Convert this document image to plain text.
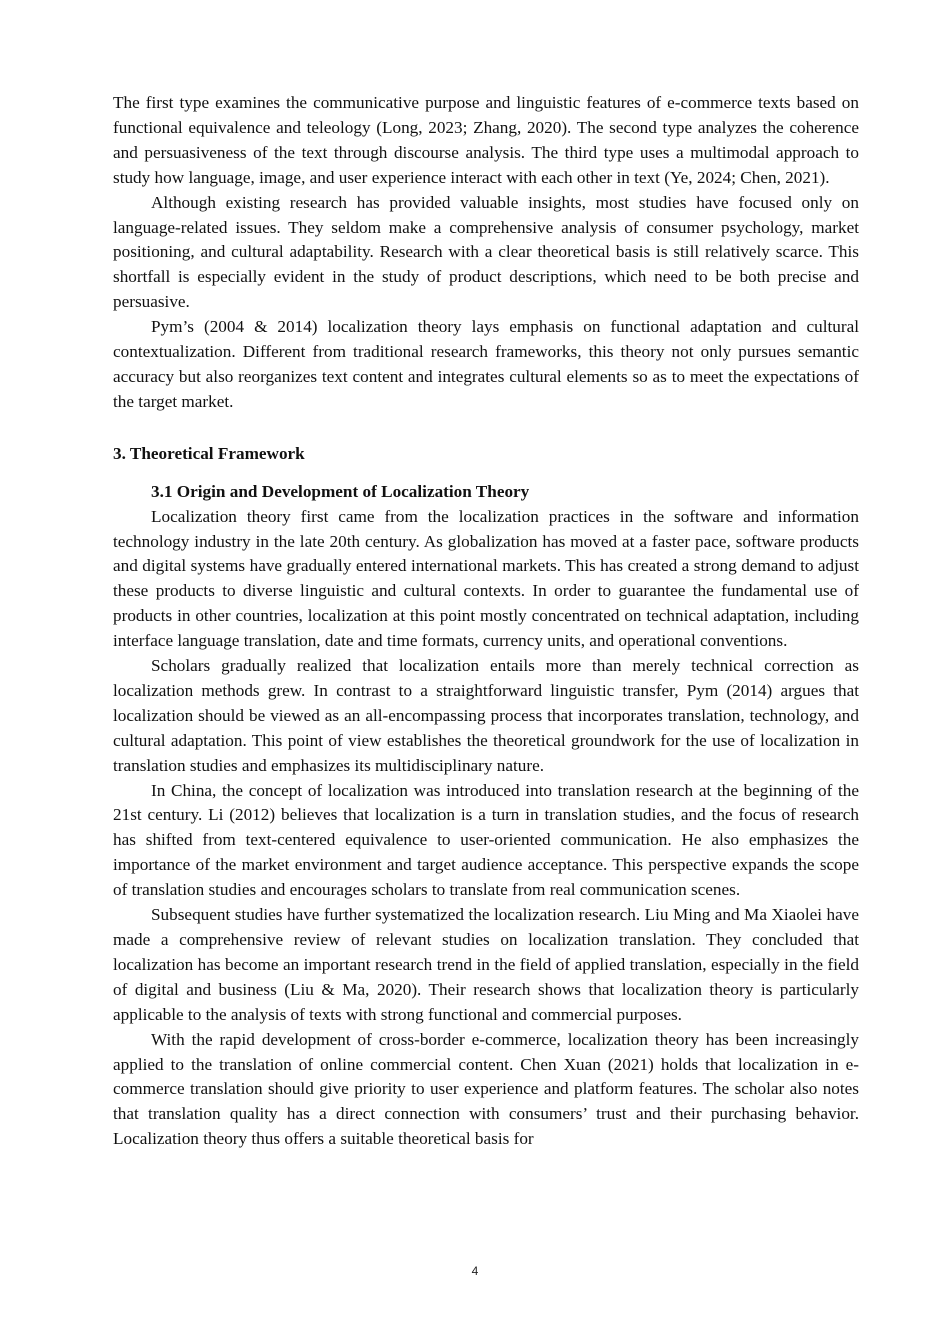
The first type examines the communicative purpose and linguistic features of e-commerce texts based on functional equivalence and teleology (Long, 2023; Zhang, 2020). The second type analyzes the coherence and persuasiveness of the text through discourse analysis. The third type uses a multimodal approach to study how language, image, and user experience interact with each other in text (Ye, 2024; Chen, 2021).

Although existing research has provided valuable insights, most studies have focused only on language-related issues. They seldom make a comprehensive analysis of consumer psychology, market positioning, and cultural adaptability. Research with a clear theoretical basis is still relatively scarce. This shortfall is especially evident in the study of product descriptions, which need to be both precise and persuasive.

Pym’s (2004 & 2014) localization theory lays emphasis on functional adaptation and cultural contextualization. Different from traditional research frameworks, this theory not only pursues semantic accuracy but also reorganizes text content and integrates cultural elements so as to meet the expectations of the target market.

3. Theoretical Framework
3.1 Origin and Development of Localization Theory

Localization theory first came from the localization practices in the software and information technology industry in the late 20th century. As globalization has moved at a faster pace, software products and digital systems have gradually entered international markets. This has created a strong demand to adjust these products to diverse linguistic and cultural contexts. In order to guarantee the fundamental use of products in other countries, localization at this point mostly concentrated on technical adaptation, including interface language translation, date and time formats, currency units, and operational conventions.

Scholars gradually realized that localization entails more than merely technical correction as localization methods grew. In contrast to a straightforward linguistic transfer, Pym (2014) argues that localization should be viewed as an all-encompassing process that incorporates translation, technology, and cultural adaptation. This point of view establishes the theoretical groundwork for the use of localization in translation studies and emphasizes its multidisciplinary nature.

In China, the concept of localization was introduced into translation research at the beginning of the 21st century. Li (2012) believes that localization is a turn in translation studies, and the focus of research has shifted from text-centered equivalence to user-oriented communication. He also emphasizes the importance of the market environment and target audience acceptance. This perspective expands the scope of translation studies and encourages scholars to translate from real communication scenes.

Subsequent studies have further systematized the localization research. Liu Ming and Ma Xiaolei have made a comprehensive review of relevant studies on localization translation. They concluded that localization has become an important research trend in the field of applied translation, especially in the field of digital and business (Liu & Ma, 2020). Their research shows that localization theory is particularly applicable to the analysis of texts with strong functional and commercial purposes.

With the rapid development of cross-border e-commerce, localization theory has been increasingly applied to the translation of online commercial content. Chen Xuan (2021) holds that localization in e-commerce translation should give priority to user experience and platform features. The scholar also notes that translation quality has a direct connection with consumers’ trust and their purchasing behavior. Localization theory thus offers a suitable theoretical basis for

4
